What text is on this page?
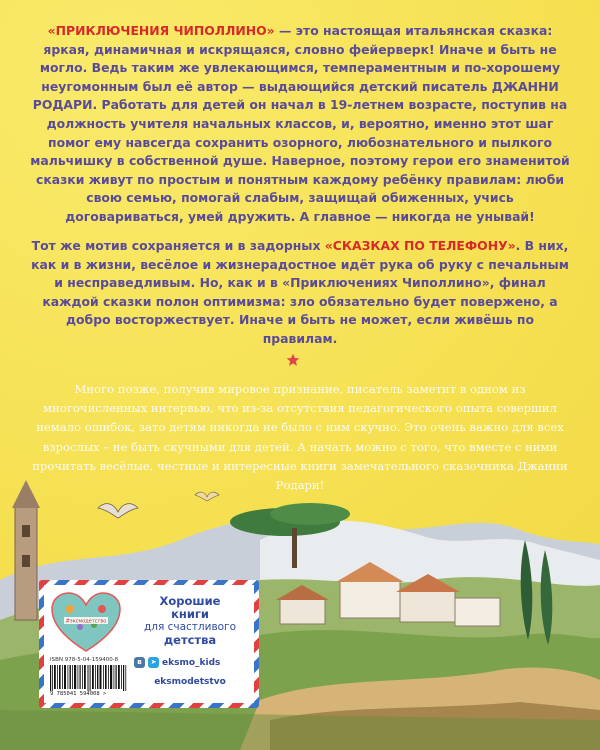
«ПРИКЛЮЧЕНИЯ ЧИПОЛЛИНО» — это настоящая итальянская сказка: яркая, динамичная и искрящаяся, словно фейерверк! Иначе и быть не могло. Ведь таким же увлекающимся, темпераментным и по-хорошему неугомонным был её автор — выдающийся детский писатель ДЖАННИ РОДАРИ. Работать для детей он начал в 19-летнем возрасте, поступив на должность учителя начальных классов, и, вероятно, именно этот шаг помог ему навсегда сохранить озорного, любознательного и пылкого мальчишку в собственной душе. Наверное, поэтому герои его знаменитой сказки живут по простым и понятным каждому ребёнку правилам: люби свою семью, помогай слабым, защищай обиженных, учись договариваться, умей дружить. А главное — никогда не унывай!
Тот же мотив сохраняется и в задорных «СКАЗКАХ ПО ТЕЛЕФОНУ». В них, как и в жизни, весёлое и жизнерадостное идёт рука об руку с печальным и несправедливым. Но, как и в «Приключениях Чиполлино», финал каждой сказки полон оптимизма: зло обязательно будет повержено, а добро восторжествует. Иначе и быть не может, если живёшь по правилам.
Много позже, получив мировое признание, писатель заметит в одном из многочисленных интервью, что из-за отсутствия педагогического опыта совершил немало ошибок, зато детям никогда не было с ним скучно. Это очень важно для всех взрослых – не быть скучными для детей. А начать можно с того, что вместе с ними прочитать весёлые, честные и интересные книги замечательного сказочника Джанни Родари!
#эксмодетство
Хорошие
книги
для счастливого
детства
ISBN 978-5-04-159400-8
9 785041 594008 >
в	➤ eksmo_kids
eksmodetstvo
